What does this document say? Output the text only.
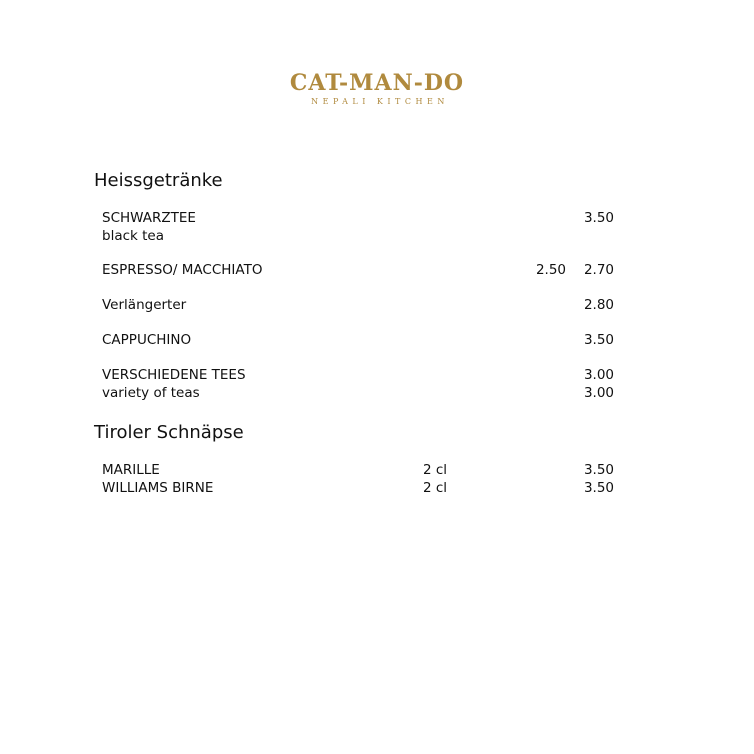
CAT-MAN-DO
NEPALI KITCHEN
Heissgetränke
SCHWARZTEE	3.50
black tea
ESPRESSO/ MACCHIATO	2.50 2.70
Verlängerter	2.80
CAPPUCHINO	3.50
VERSCHIEDENE TEES	3.00
variety of teas	3.00
Tiroler Schnäpse
MARILLE	2 cl	3.50
WILLIAMS BIRNE	2 cl	3.50
